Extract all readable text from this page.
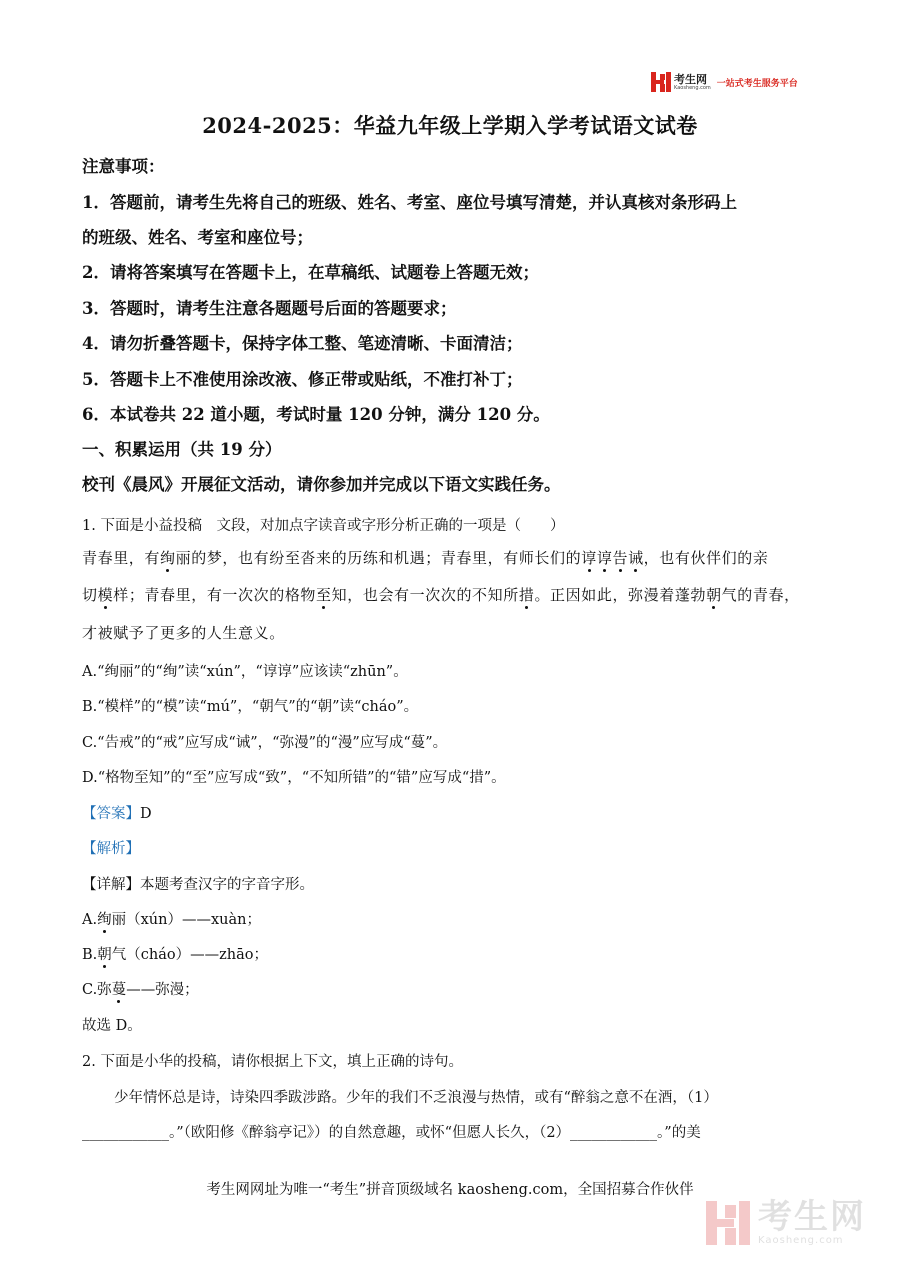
考生网
Kaosheng.com 一站式考生服务平台
2024-2025：华益九年级上学期入学考试语文试卷
注意事项：
1．答题前，请考生先将自己的班级、姓名、考室、座位号填写清楚，并认真核对条形码上
的班级、姓名、考室和座位号；
2．请将答案填写在答题卡上，在草稿纸、试题卷上答题无效；
3．答题时，请考生注意各题题号后面的答题要求；
4．请勿折叠答题卡，保持字体工整、笔迹清晰、卡面清洁；
5．答题卡上不准使用涂改液、修正带或贴纸，不准打补丁；
6．本试卷共 22 道小题，考试时量 120 分钟，满分 120 分。
一、积累运用（共 19 分）
校刊《晨风》开展征文活动，请你参加并完成以下语文实践任务。
1. 下面是小益投稿　文段，对加点字读音或字形分析正确的一项是（　　）
青春里，有绚丽的梦，也有纷至沓来的历练和机遇；青春里，有师长们的谆谆告诫，也有伙伴们的亲
切模样；青春里，有一次次的格物至知，也会有一次次的不知所措。正因如此，弥漫着蓬勃朝气的青春，
才被赋予了更多的人生意义。
A.“绚丽”的“绚”读“xún”，“谆谆”应该读“zhūn”。
B.“模样”的“模”读“mú”，“朝气”的“朝”读“cháo”。
C.“告戒”的“戒”应写成“诫”，“弥漫”的“漫”应写成“蔓”。
D.“格物至知”的“至”应写成“致”，“不知所错”的“错”应写成“措”。
【答案】D
【解析】
【详解】本题考查汉字的字音字形。
A.绚丽（xún）——xuàn；
B.朝气（cháo）——zhāo；
C.弥蔓——弥漫；
故选 D。
2. 下面是小华的投稿，请你根据上下文，填上正确的诗句。
少年情怀总是诗，诗染四季跋涉路。少年的我们不乏浪漫与热情，或有“醉翁之意不在酒，（1）
____________。”（欧阳修《醉翁亭记》）的自然意趣，或怀“但愿人长久，（2）____________。”的美
考生网网址为唯一“考生”拼音顶级域名 kaosheng.com，全国招募合作伙伴
考生网
Kaosheng.com
